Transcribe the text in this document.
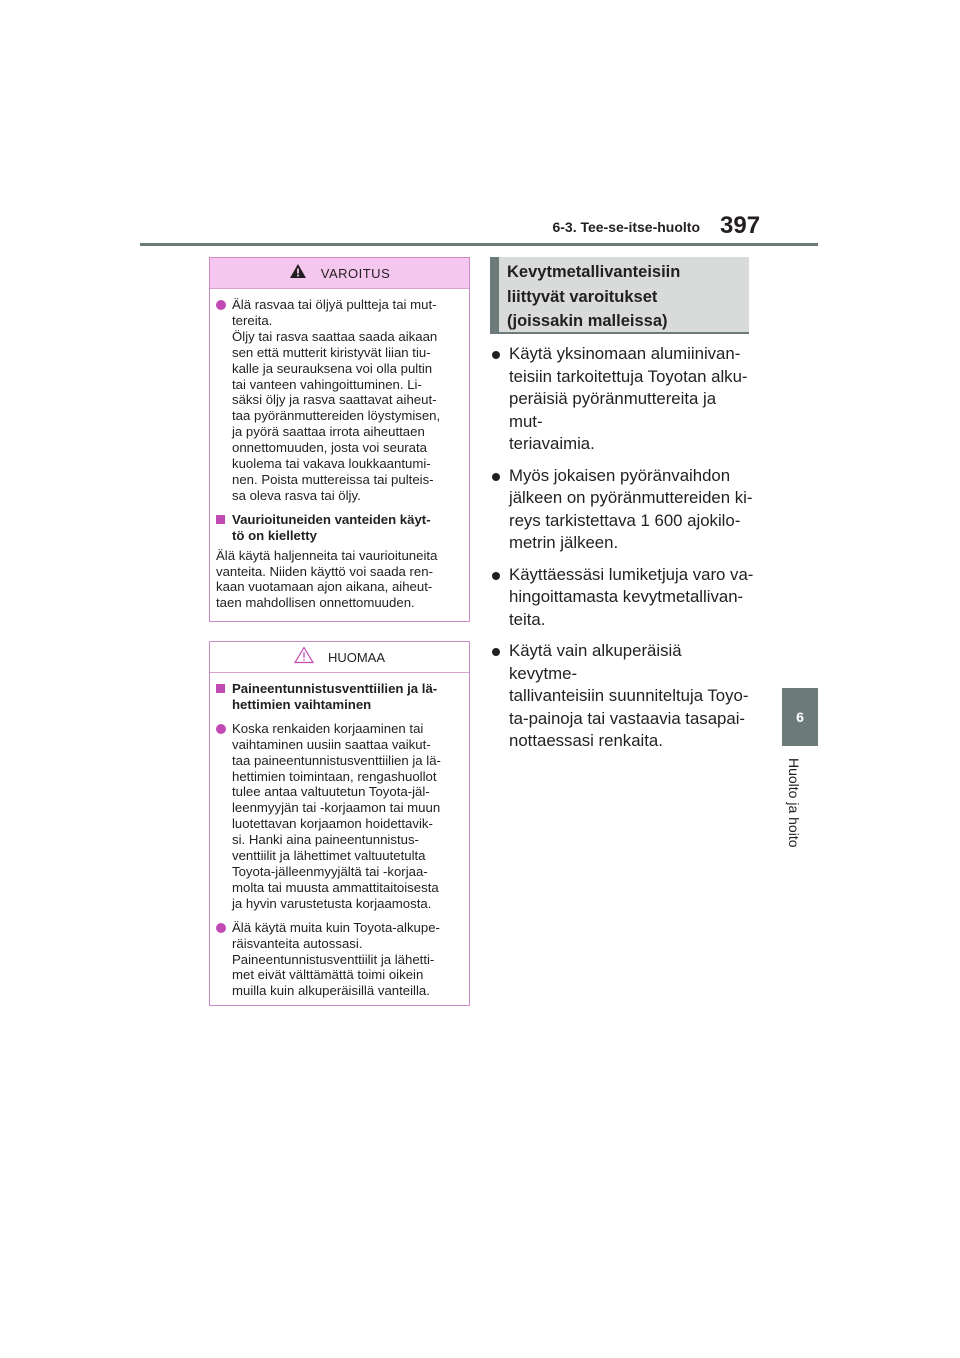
6-3. Tee-se-itse-huolto 397
6
Huolto ja hoito
VAROITUS
Älä rasvaa tai öljyä pultteja tai mut-
tereita.
Öljy tai rasva saattaa saada aikaan
sen että mutterit kiristyvät liian tiu-
kalle ja seurauksena voi olla pultin
tai vanteen vahingoittuminen. Li-
säksi öljy ja rasva saattavat aiheut-
taa pyöränmuttereiden löystymisen,
ja pyörä saattaa irrota aiheuttaen
onnettomuuden, josta voi seurata
kuolema tai vakava loukkaantumi-
nen. Poista muttereissa tai pulteis-
sa oleva rasva tai öljy.
Vaurioituneiden vanteiden käyt-
tö on kielletty
Älä käytä haljenneita tai vaurioituneita
vanteita. Niiden käyttö voi saada ren-
kaan vuotamaan ajon aikana, aiheut-
taen mahdollisen onnettomuuden.
HUOMAA
Paineentunnistusventtiilien ja lä-
hettimien vaihtaminen
Koska renkaiden korjaaminen tai
vaihtaminen uusiin saattaa vaikut-
taa paineentunnistusventtiilien ja lä-
hettimien toimintaan, rengashuollot
tulee antaa valtuutetun Toyota-jäl-
leenmyyjän tai -korjaamon tai muun
luotettavan korjaamon hoidettavik-
si. Hanki aina paineentunnistus-
venttiilit ja lähettimet valtuutetulta
Toyota-jälleenmyyjältä tai -korjaa-
molta tai muusta ammattitaitoisesta
ja hyvin varustetusta korjaamosta.
Älä käytä muita kuin Toyota-alkupe-
räisvanteita autossasi.
Paineentunnistusventtiilit ja lähetti-
met eivät välttämättä toimi oikein
muilla kuin alkuperäisillä vanteilla.
Kevytmetallivanteisiin
liittyvät varoitukset
(joissakin malleissa)
Käytä yksinomaan alumiinivan-
teisiin tarkoitettuja Toyotan alku-
peräisiä pyöränmuttereita ja mut-
teriavaimia.
Myös jokaisen pyöränvaihdon
jälkeen on pyöränmuttereiden ki-
reys tarkistettava 1 600 ajokilo-
metrin jälkeen.
Käyttäessäsi lumiketjuja varo va-
hingoittamasta kevytmetallivan-
teita.
Käytä vain alkuperäisiä kevytme-
tallivanteisiin suunniteltuja Toyo-
ta-painoja tai vastaavia tasapai-
nottaessasi renkaita.
